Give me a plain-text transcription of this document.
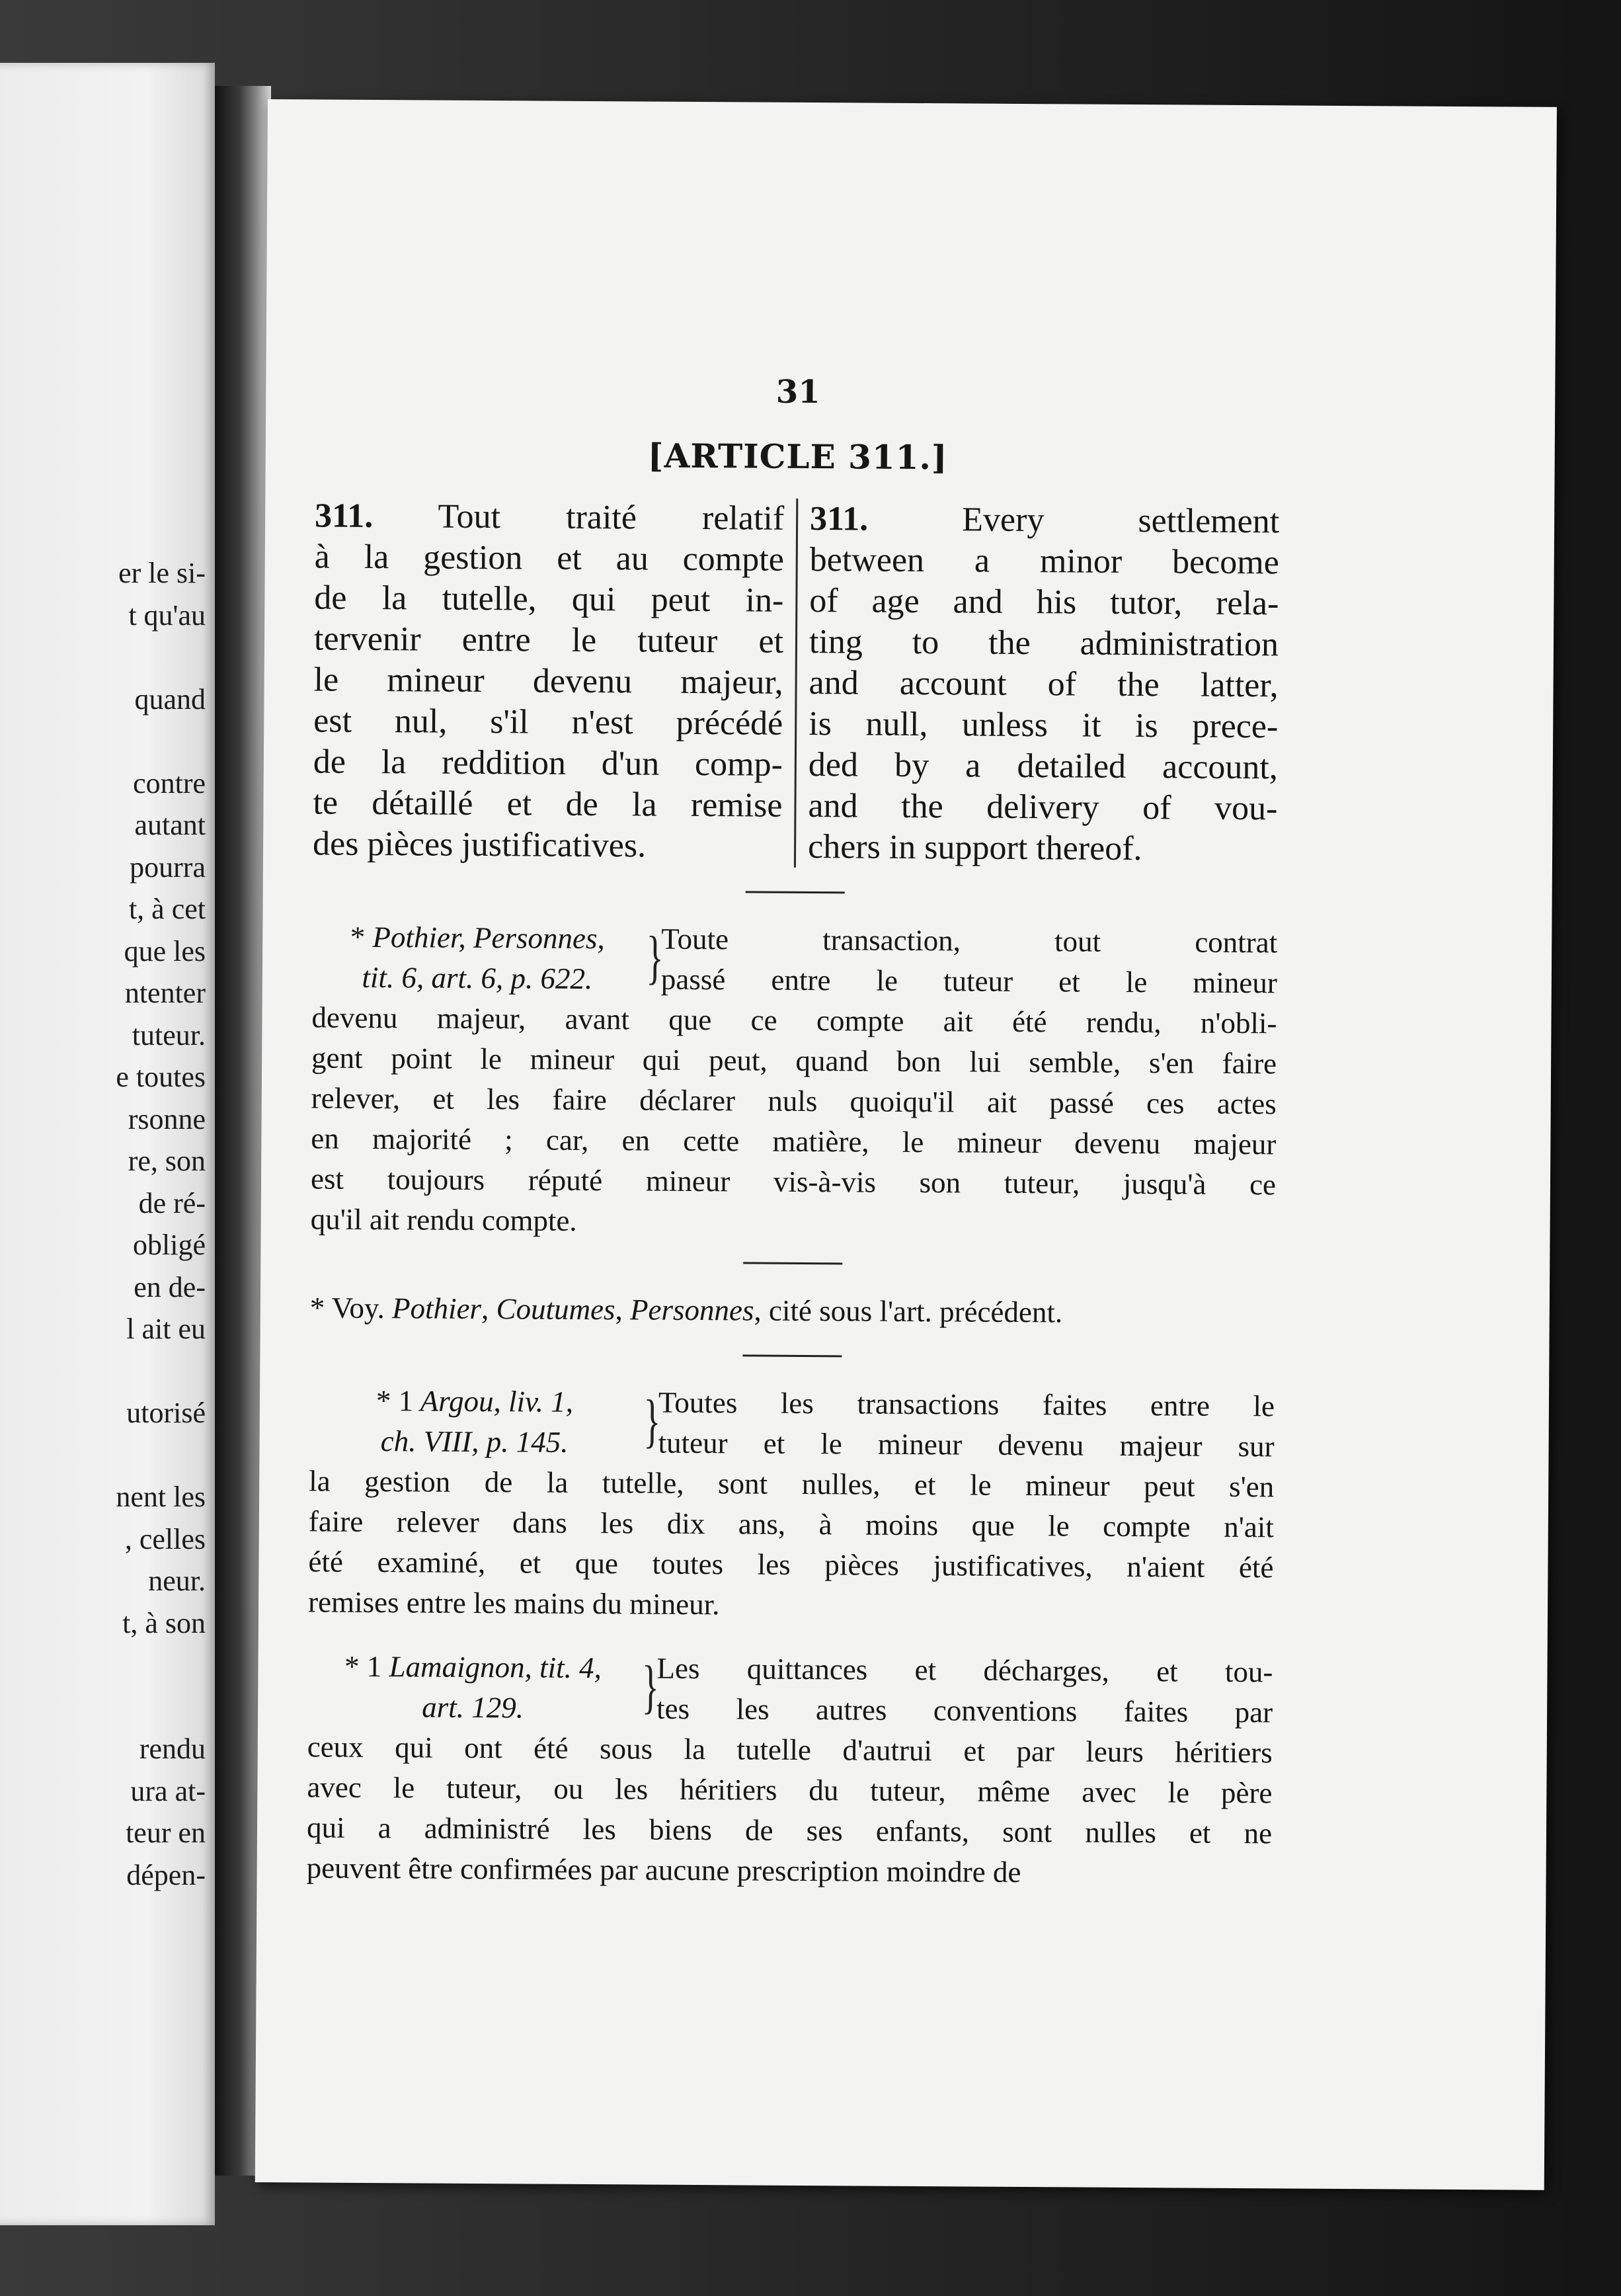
er le si-
t qu'au
quand
contre
autant
pourra
t, à cet
que les
ntenter
tuteur.
e toutes
rsonne
re, son
de ré-
obligé
en de-
l ait eu
utorisé
nent les
, celles
neur.
t, à son
rendu
ura at-
teur en
dépen-
31
[ARTICLE 311.]
311. Tout traité relatif
à la gestion et au compte
de la tutelle, qui peut in-
tervenir entre le tuteur et
le mineur devenu majeur,
est nul, s'il n'est précédé
de la reddition d'un comp-
te détaillé et de la remise
des pièces justificatives.
311.	Every settlement
between a minor become
of age and his tutor, rela-
ting to the administration
and account of the latter,
is null, unless it is prece-
ded by a detailed account,
and the delivery of vou-
chers in support thereof.
* Pothier, Personnes,
tit. 6, art. 6, p. 622. }
Toute transaction, tout contrat
passé entre le tuteur et le mineur
devenu majeur, avant que ce compte ait été rendu, n'obli-
gent point le mineur qui peut, quand bon lui semble, s'en faire
relever, et les faire déclarer nuls quoiqu'il ait passé ces actes
en majorité ; car, en cette matière, le mineur devenu majeur
est toujours réputé mineur vis-à-vis son tuteur, jusqu'à ce
qu'il ait rendu compte.
* Voy. Pothier, Coutumes, Personnes, cité sous l'art. précédent.
* 1 Argou, liv. 1,
ch. VIII, p. 145.	}
Toutes les transactions faites entre le
tuteur et le mineur devenu majeur sur
la gestion de la tutelle, sont nulles, et le mineur peut s'en
faire relever dans les dix ans, à moins que le compte n'ait
été examiné, et que toutes les pièces justificatives, n'aient été
remises entre les mains du mineur.
* 1 Lamaignon, tit. 4,
art. 129.	}
Les quittances et décharges, et tou-
tes les autres conventions faites par
ceux qui ont été sous la tutelle d'autrui et par leurs héritiers
avec le tuteur, ou les héritiers du tuteur, même avec le père
qui a administré les biens de ses enfants, sont nulles et ne
peuvent être confirmées par aucune prescription moindre de
